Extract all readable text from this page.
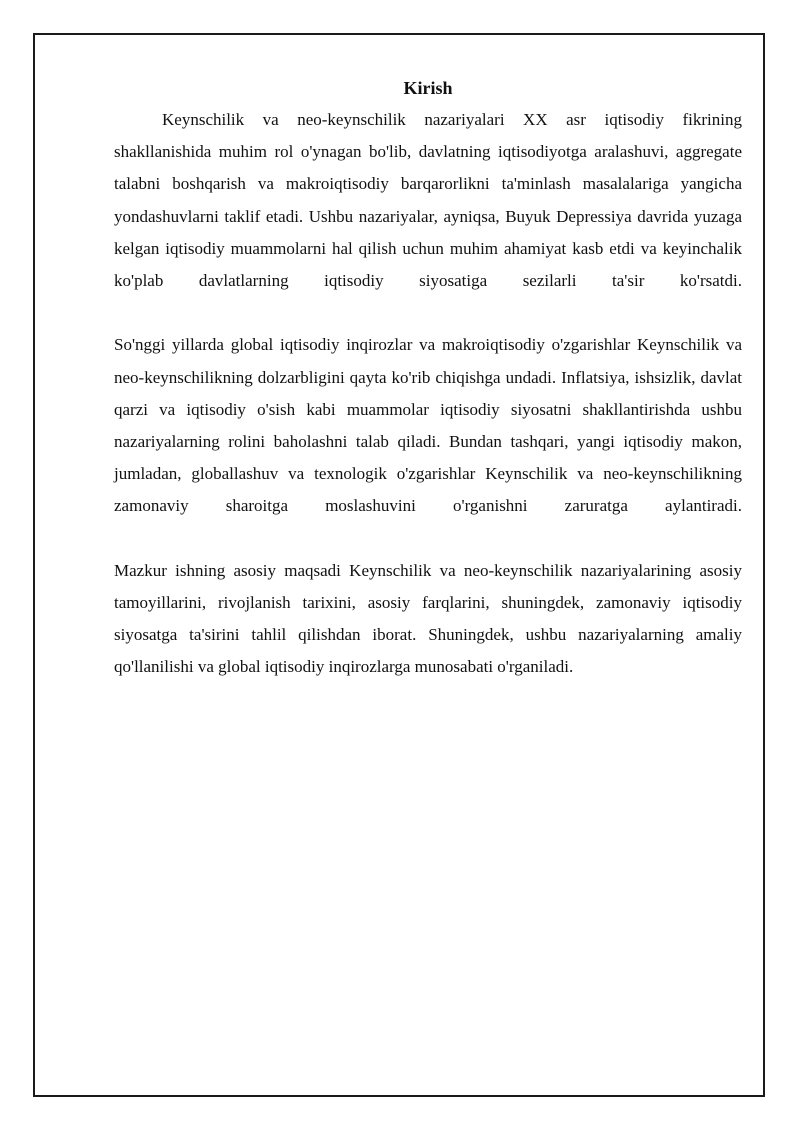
Kirish

Keynschilik va neo-keynschilik nazariyalari XX asr iqtisodiy fikrining shakllanishida muhim rol o'ynagan bo'lib, davlatning iqtisodiyotga aralashuvi, aggregate talabni boshqarish va makroiqtisodiy barqarorlikni ta'minlash masalalariga yangicha yondashuvlarni taklif etadi. Ushbu nazariyalar, ayniqsa, Buyuk Depressiya davrida yuzaga kelgan iqtisodiy muammolarni hal qilish uchun muhim ahamiyat kasb etdi va keyinchalik ko'plab davlatlarning iqtisodiy siyosatiga sezilarli ta'sir ko'rsatdi.

So'nggi yillarda global iqtisodiy inqirozlar va makroiqtisodiy o'zgarishlar Keynschilik va neo-keynschilikning dolzarbligini qayta ko'rib chiqishga undadi. Inflatsiya, ishsizlik, davlat qarzi va iqtisodiy o'sish kabi muammolar iqtisodiy siyosatni shakllantirishda ushbu nazariyalarning rolini baholashni talab qiladi. Bundan tashqari, yangi iqtisodiy makon, jumladan, globallashuv va texnologik o'zgarishlar Keynschilik va neo-keynschilikning zamonaviy sharoitga moslashuvini o'rganishni zaruratga aylantiradi.

Mazkur ishning asosiy maqsadi Keynschilik va neo-keynschilik nazariyalarining asosiy tamoyillarini, rivojlanish tarixini, asosiy farqlarini, shuningdek, zamonaviy iqtisodiy siyosatga ta'sirini tahlil qilishdan iborat. Shuningdek, ushbu nazariyalarning amaliy qo'llanilishi va global iqtisodiy inqirozlarga munosabati o'rganiladi.
